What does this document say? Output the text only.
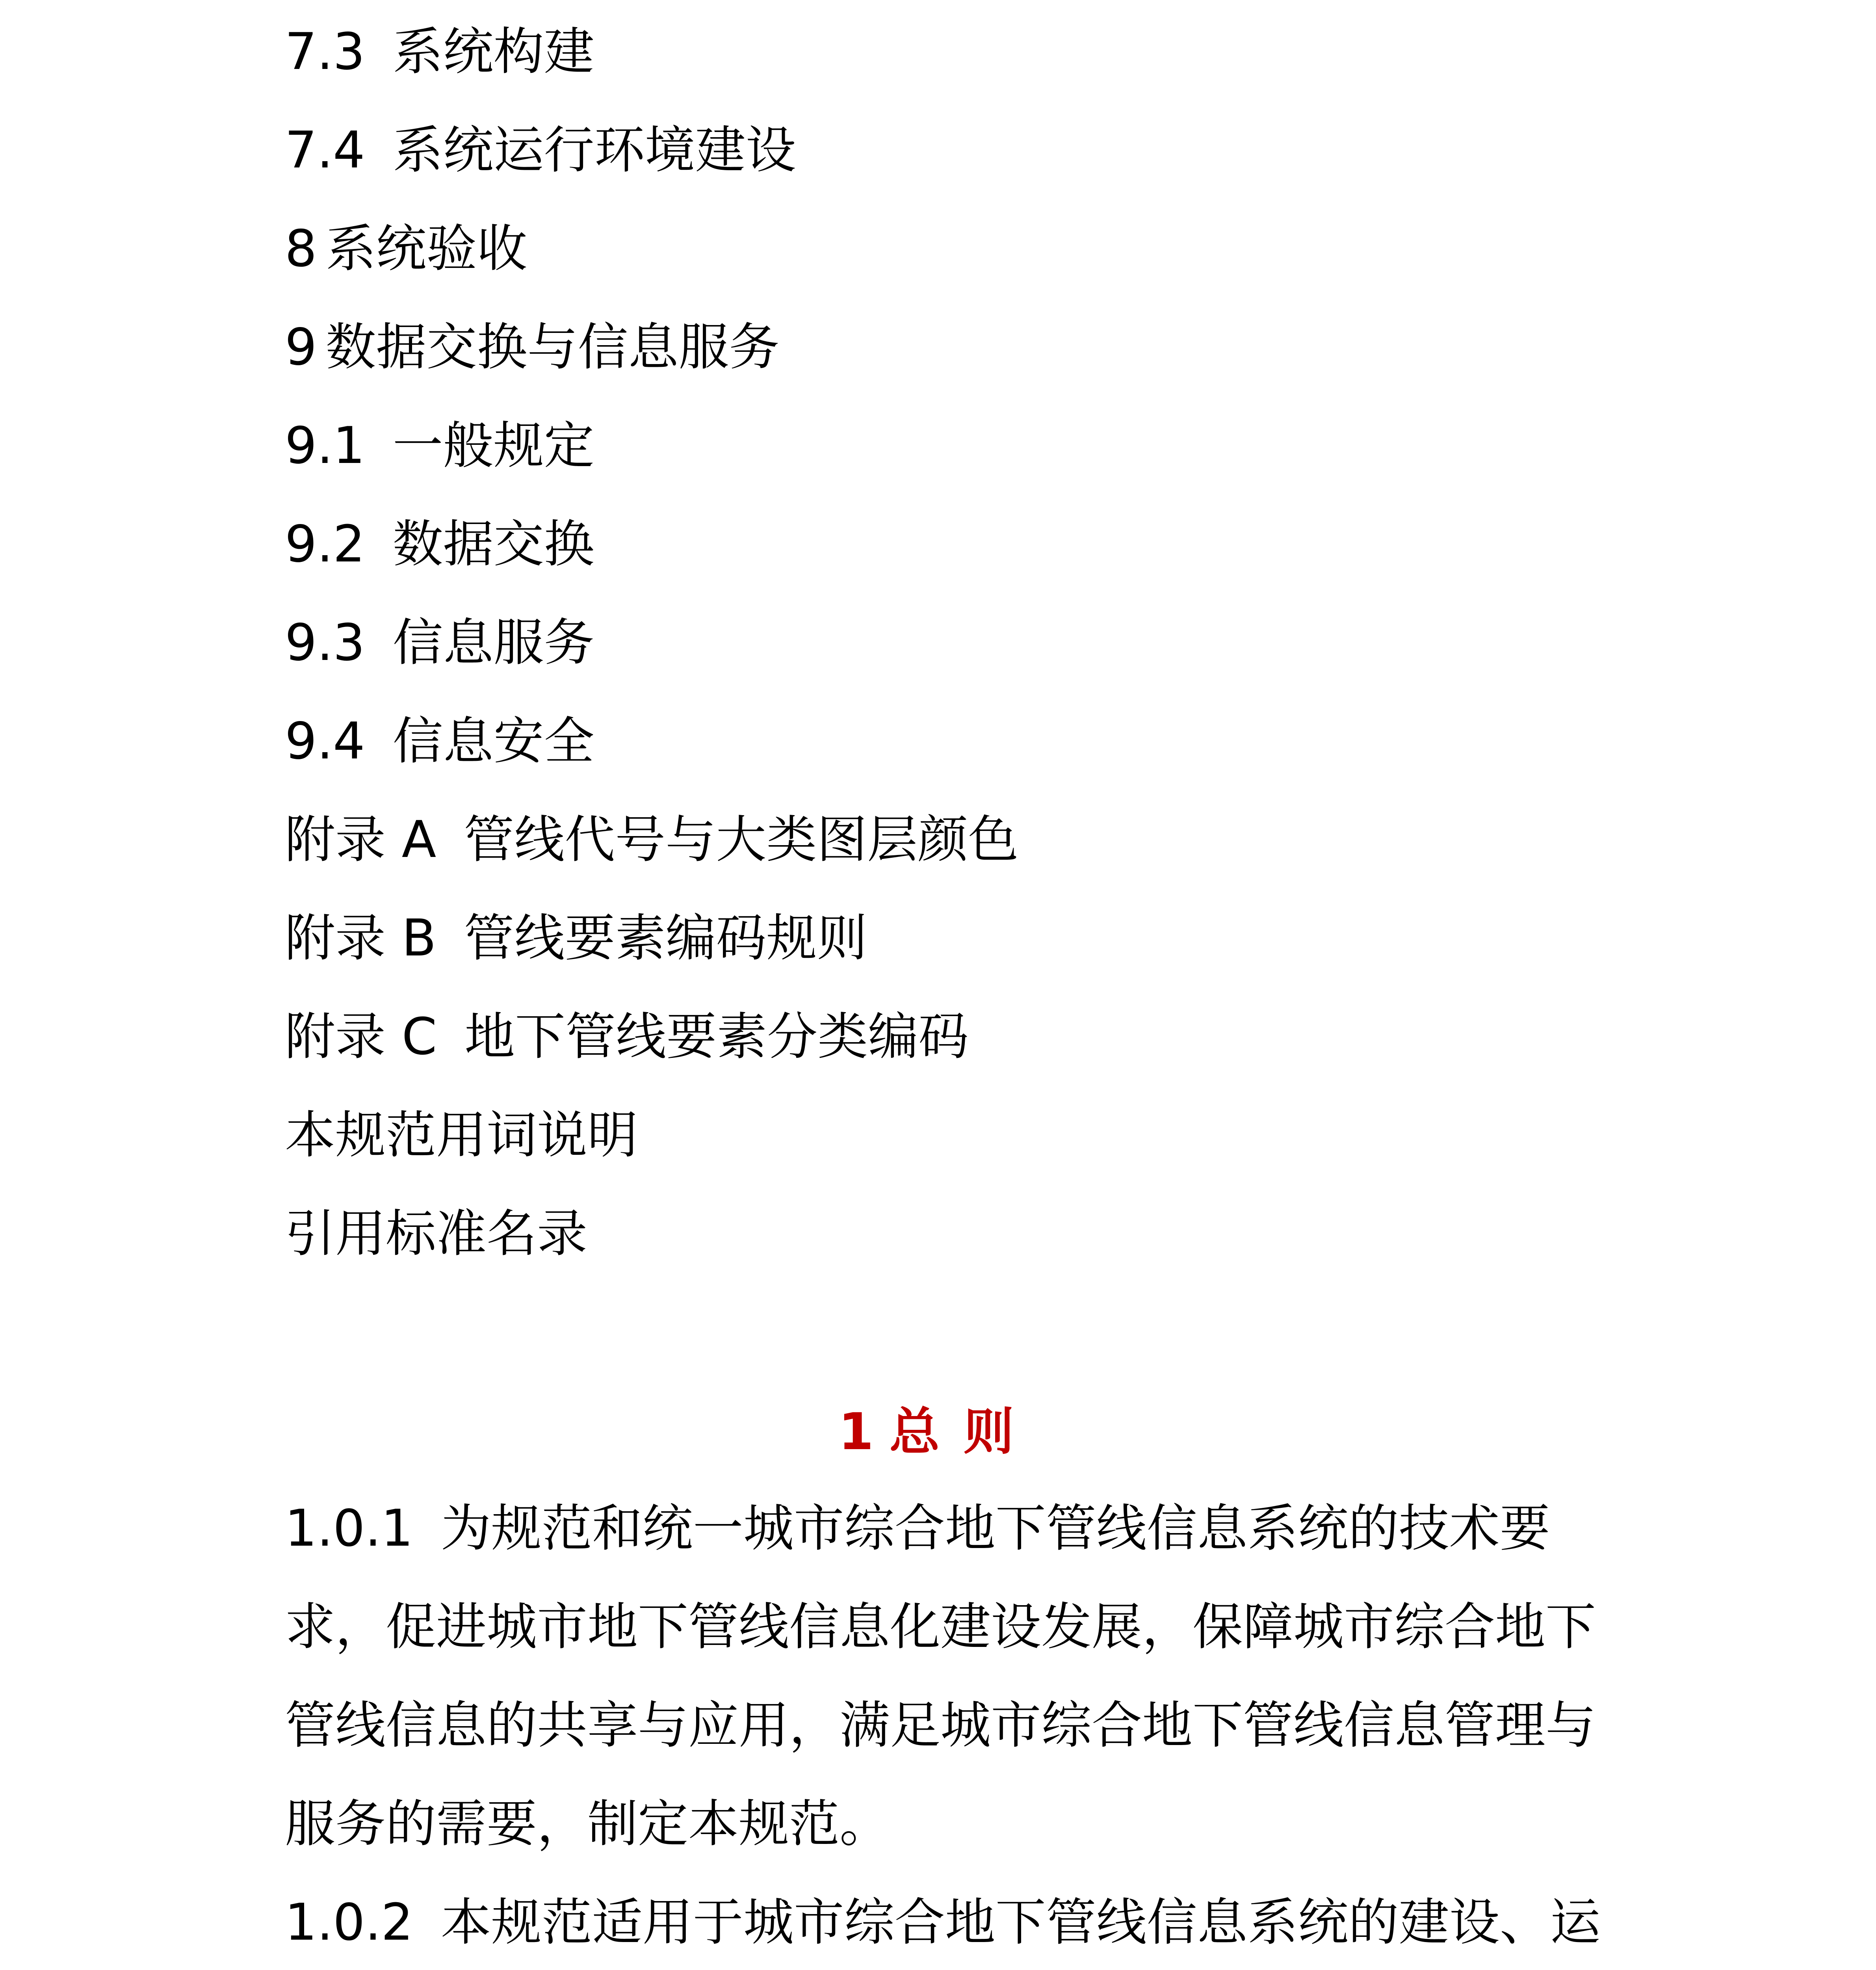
7.3 系统构建
7.4 系统运行环境建设
8 系统验收
9 数据交换与信息服务
9.1 一般规定
9.2 数据交换
9.3 信息服务
9.4 信息安全
附录 A 管线代号与大类图层颜色
附录 B 管线要素编码规则
附录 C 地下管线要素分类编码
本规范用词说明
引用标准名录
1 总则
1.0.1 为规范和统一城市综合地下管线信息系统的技术要
求，促进城市地下管线信息化建设发展，保障城市综合地下
管线信息的共享与应用，满足城市综合地下管线信息管理与
服务的需要，制定本规范。
1.0.2 本规范适用于城市综合地下管线信息系统的建设、运
